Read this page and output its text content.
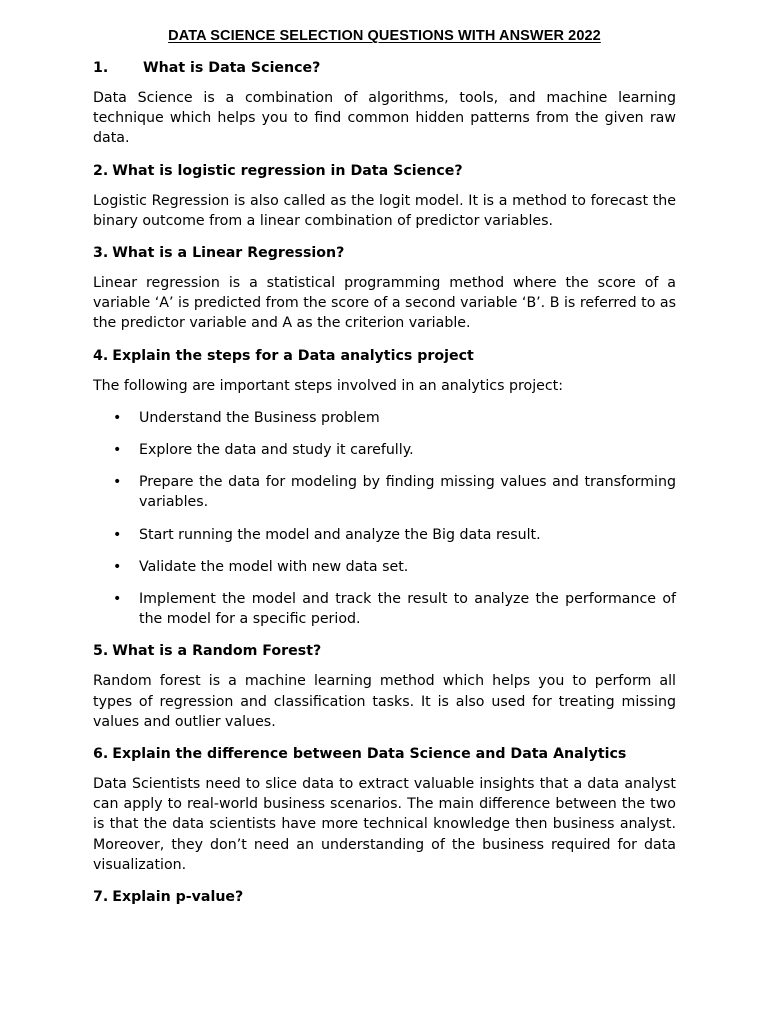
DATA SCIENCE SELECTION QUESTIONS WITH ANSWER 2022
1.	What is Data Science?

Data Science is a combination of algorithms, tools, and machine learning technique which helps you to find common hidden patterns from the given raw data.

2. What is logistic regression in Data Science?

Logistic Regression is also called as the logit model. It is a method to forecast the binary outcome from a linear combination of predictor variables.

3. What is a Linear Regression?

Linear regression is a statistical programming method where the score of a variable ‘A’ is predicted from the score of a second variable ‘B’. B is referred to as the predictor variable and A as the criterion variable.

4. Explain the steps for a Data analytics project

The following are important steps involved in an analytics project:

• Understand the Business problem
• Explore the data and study it carefully.
• Prepare the data for modeling by finding missing values and transforming variables.
• Start running the model and analyze the Big data result.
• Validate the model with new data set.
• Implement the model and track the result to analyze the performance of the model for a specific period.
5. What is a Random Forest?

Random forest is a machine learning method which helps you to perform all types of regression and classification tasks. It is also used for treating missing values and outlier values.

6. Explain the difference between Data Science and Data Analytics

Data Scientists need to slice data to extract valuable insights that a data analyst can apply to real-world business scenarios. The main difference between the two is that the data scientists have more technical knowledge then business analyst. Moreover, they don’t need an understanding of the business required for data visualization.

7. Explain p-value?
